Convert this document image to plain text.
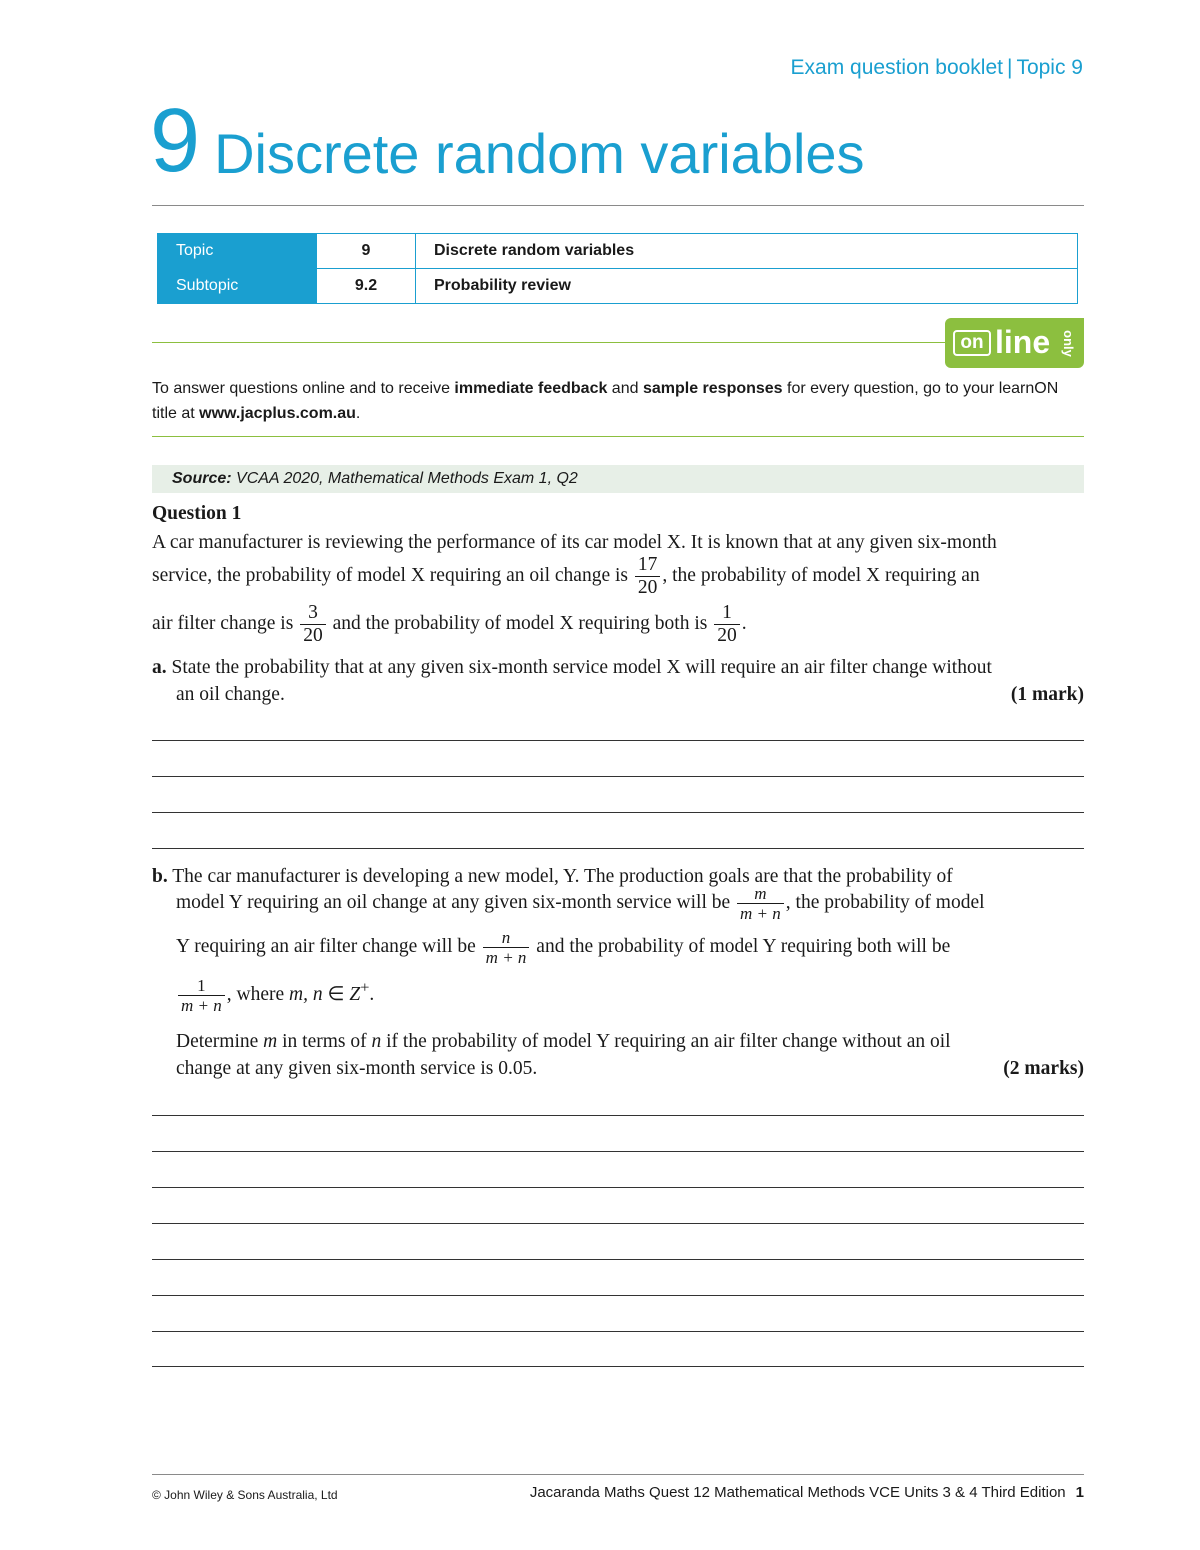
Exam question booklet | Topic 9
9 Discrete random variables
Topic	9	Discrete random variables
Subtopic	9.2	Probability review
on line only
To answer questions online and to receive immediate feedback and sample responses for every question, go to your learnON title at www.jacplus.com.au.
Source: VCAA 2020, Mathematical Methods Exam 1, Q2
Question 1
A car manufacturer is reviewing the performance of its car model X. It is known that at any given six-month
service, the probability of model X requiring an oil change is $\frac{17}{20}$ , the probability of model X requiring an
air filter change is $\frac{3}{20}$ and the probability of model X requiring both is $\frac{1}{20}$ .
a. State the probability that at any given six-month service model X will require an air filter change without
an oil change.	(1 mark)
b. The car manufacturer is developing a new model, Y. The production goals are that the probability of
model Y requiring an oil change at any given six-month service will be $\frac{m}{m + n}$ , the probability of model
Y requiring an air filter change will be $\frac{n}{m + n}$ and the probability of model Y requiring both will be
$\frac{1}{m + n}$ , where m, n ∈ Z+.
Determine m in terms of n if the probability of model Y requiring an air filter change without an oil
change at any given six-month service is 0.05.	(2 marks)
© John Wiley & Sons Australia, Ltd	Jacaranda Maths Quest 12 Mathematical Methods VCE Units 3 & 4 Third Edition 1
